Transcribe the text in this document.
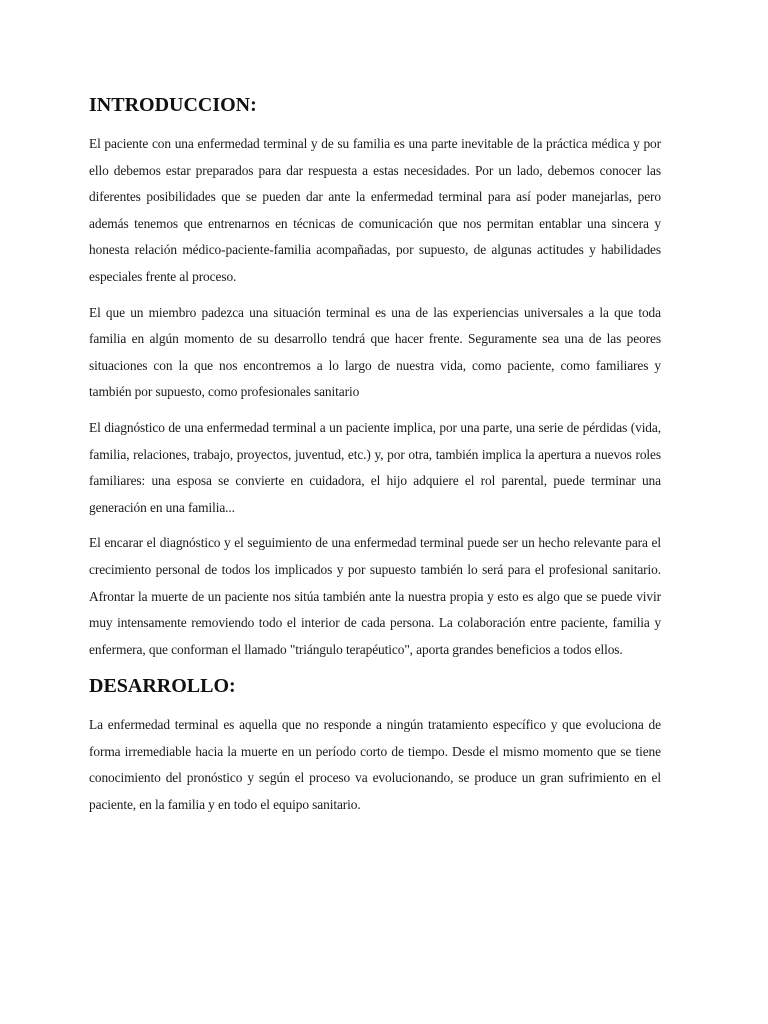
INTRODUCCION:

El paciente con una enfermedad terminal y de su familia es una parte inevitable de la práctica médica y por ello debemos estar preparados para dar respuesta a estas necesidades. Por un lado, debemos conocer las diferentes posibilidades que se pueden dar ante la enfermedad terminal para así poder manejarlas, pero además tenemos que entrenarnos en técnicas de comunicación que nos permitan entablar una sincera y honesta relación médico-paciente-familia acompañadas, por supuesto, de algunas actitudes y habilidades especiales frente al proceso.

El que un miembro padezca una situación terminal es una de las experiencias universales a la que toda familia en algún momento de su desarrollo tendrá que hacer frente. Seguramente sea una de las peores situaciones con la que nos encontremos a lo largo de nuestra vida, como paciente, como familiares y también por supuesto, como profesionales sanitario

El diagnóstico de una enfermedad terminal a un paciente implica, por una parte, una serie de pérdidas (vida, familia, relaciones, trabajo, proyectos, juventud, etc.) y, por otra, también implica la apertura a nuevos roles familiares: una esposa se convierte en cuidadora, el hijo adquiere el rol parental, puede terminar una generación en una familia...

El encarar el diagnóstico y el seguimiento de una enfermedad terminal puede ser un hecho relevante para el crecimiento personal de todos los implicados y por supuesto también lo será para el profesional sanitario. Afrontar la muerte de un paciente nos sitúa también ante la nuestra propia y esto es algo que se puede vivir muy intensamente removiendo todo el interior de cada persona. La colaboración entre paciente, familia y enfermera, que conforman el llamado "triángulo terapéutico", aporta grandes beneficios a todos ellos.

DESARROLLO:

La enfermedad terminal es aquella que no responde a ningún tratamiento específico y que evoluciona de forma irremediable hacia la muerte en un período corto de tiempo. Desde el mismo momento que se tiene conocimiento del pronóstico y según el proceso va evolucionando, se produce un gran sufrimiento en el paciente, en la familia y en todo el equipo sanitario.
